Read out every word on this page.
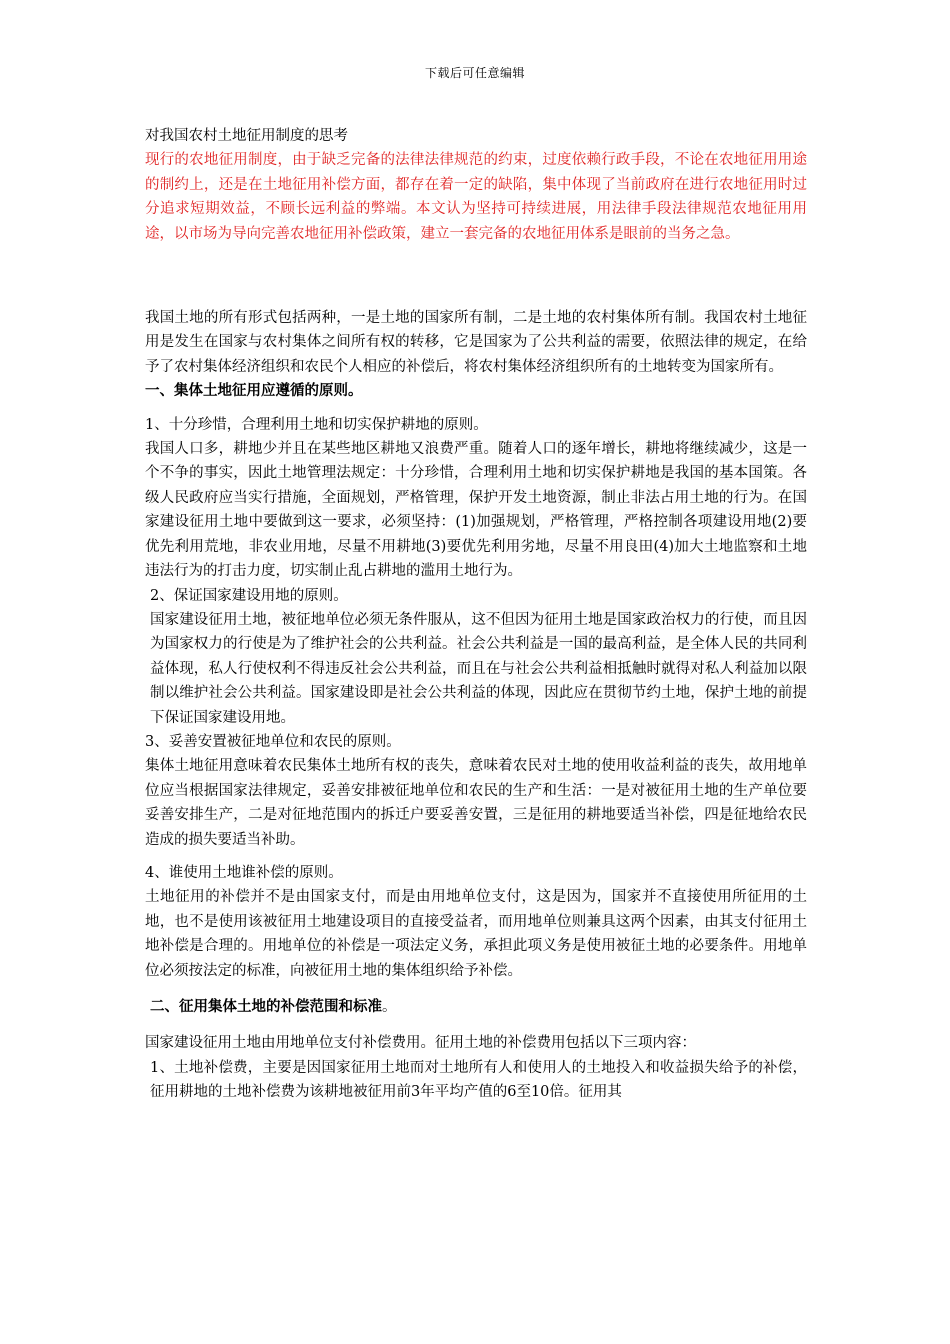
下载后可任意编辑
对我国农村土地征用制度的思考

现行的农地征用制度，由于缺乏完备的法律法律规范的约束，过度依赖行政手段，不论在农地征用用途的制约上，还是在土地征用补偿方面，都存在着一定的缺陷，集中体现了当前政府在进行农地征用时过分追求短期效益，不顾长远利益的弊端。本文认为坚持可持续进展，用法律手段法律规范农地征用用途，以市场为导向完善农地征用补偿政策，建立一套完备的农地征用体系是眼前的当务之急。

我国土地的所有形式包括两种，一是土地的国家所有制，二是土地的农村集体所有制。我国农村土地征用是发生在国家与农村集体之间所有权的转移，它是国家为了公共利益的需要，依照法律的规定，在给予了农村集体经济组织和农民个人相应的补偿后，将农村集体经济组织所有的土地转变为国家所有。

一、集体土地征用应遵循的原则。

1、十分珍惜，合理利用土地和切实保护耕地的原则。

我国人口多，耕地少并且在某些地区耕地又浪费严重。随着人口的逐年增长，耕地将继续减少，这是一个不争的事实，因此土地管理法规定：十分珍惜，合理利用土地和切实保护耕地是我国的基本国策。各级人民政府应当实行措施，全面规划，严格管理，保护开发土地资源，制止非法占用土地的行为。在国家建设征用土地中要做到这一要求，必须坚持：(1)加强规划，严格管理，严格控制各项建设用地(2)要优先利用荒地，非农业用地，尽量不用耕地(3)要优先利用劣地，尽量不用良田(4)加大土地监察和土地违法行为的打击力度，切实制止乱占耕地的滥用土地行为。

2、保证国家建设用地的原则。

国家建设征用土地，被征地单位必须无条件服从，这不但因为征用土地是国家政治权力的行使，而且因为国家权力的行使是为了维护社会的公共利益。社会公共利益是一国的最高利益，是全体人民的共同利益体现，私人行使权利不得违反社会公共利益，而且在与社会公共利益相抵触时就得对私人利益加以限制以维护社会公共利益。国家建设即是社会公共利益的体现，因此应在贯彻节约土地，保护土地的前提下保证国家建设用地。

3、妥善安置被征地单位和农民的原则。

集体土地征用意味着农民集体土地所有权的丧失，意味着农民对土地的使用收益利益的丧失，故用地单位应当根据国家法律规定，妥善安排被征地单位和农民的生产和生活：一是对被征用土地的生产单位要妥善安排生产，二是对征地范围内的拆迁户要妥善安置，三是征用的耕地要适当补偿，四是征地给农民造成的损失要适当补助。

4、谁使用土地谁补偿的原则。

土地征用的补偿并不是由国家支付，而是由用地单位支付，这是因为，国家并不直接使用所征用的土地，也不是使用该被征用土地建设项目的直接受益者，而用地单位则兼具这两个因素，由其支付征用土地补偿是合理的。用地单位的补偿是一项法定义务，承担此项义务是使用被征土地的必要条件。用地单位必须按法定的标准，向被征用土地的集体组织给予补偿。

二、征用集体土地的补偿范围和标准。

国家建设征用土地由用地单位支付补偿费用。征用土地的补偿费用包括以下三项内容：

1、土地补偿费，主要是因国家征用土地而对土地所有人和使用人的土地投入和收益损失给予的补偿，征用耕地的土地补偿费为该耕地被征用前3年平均产值的6至10倍。征用其
